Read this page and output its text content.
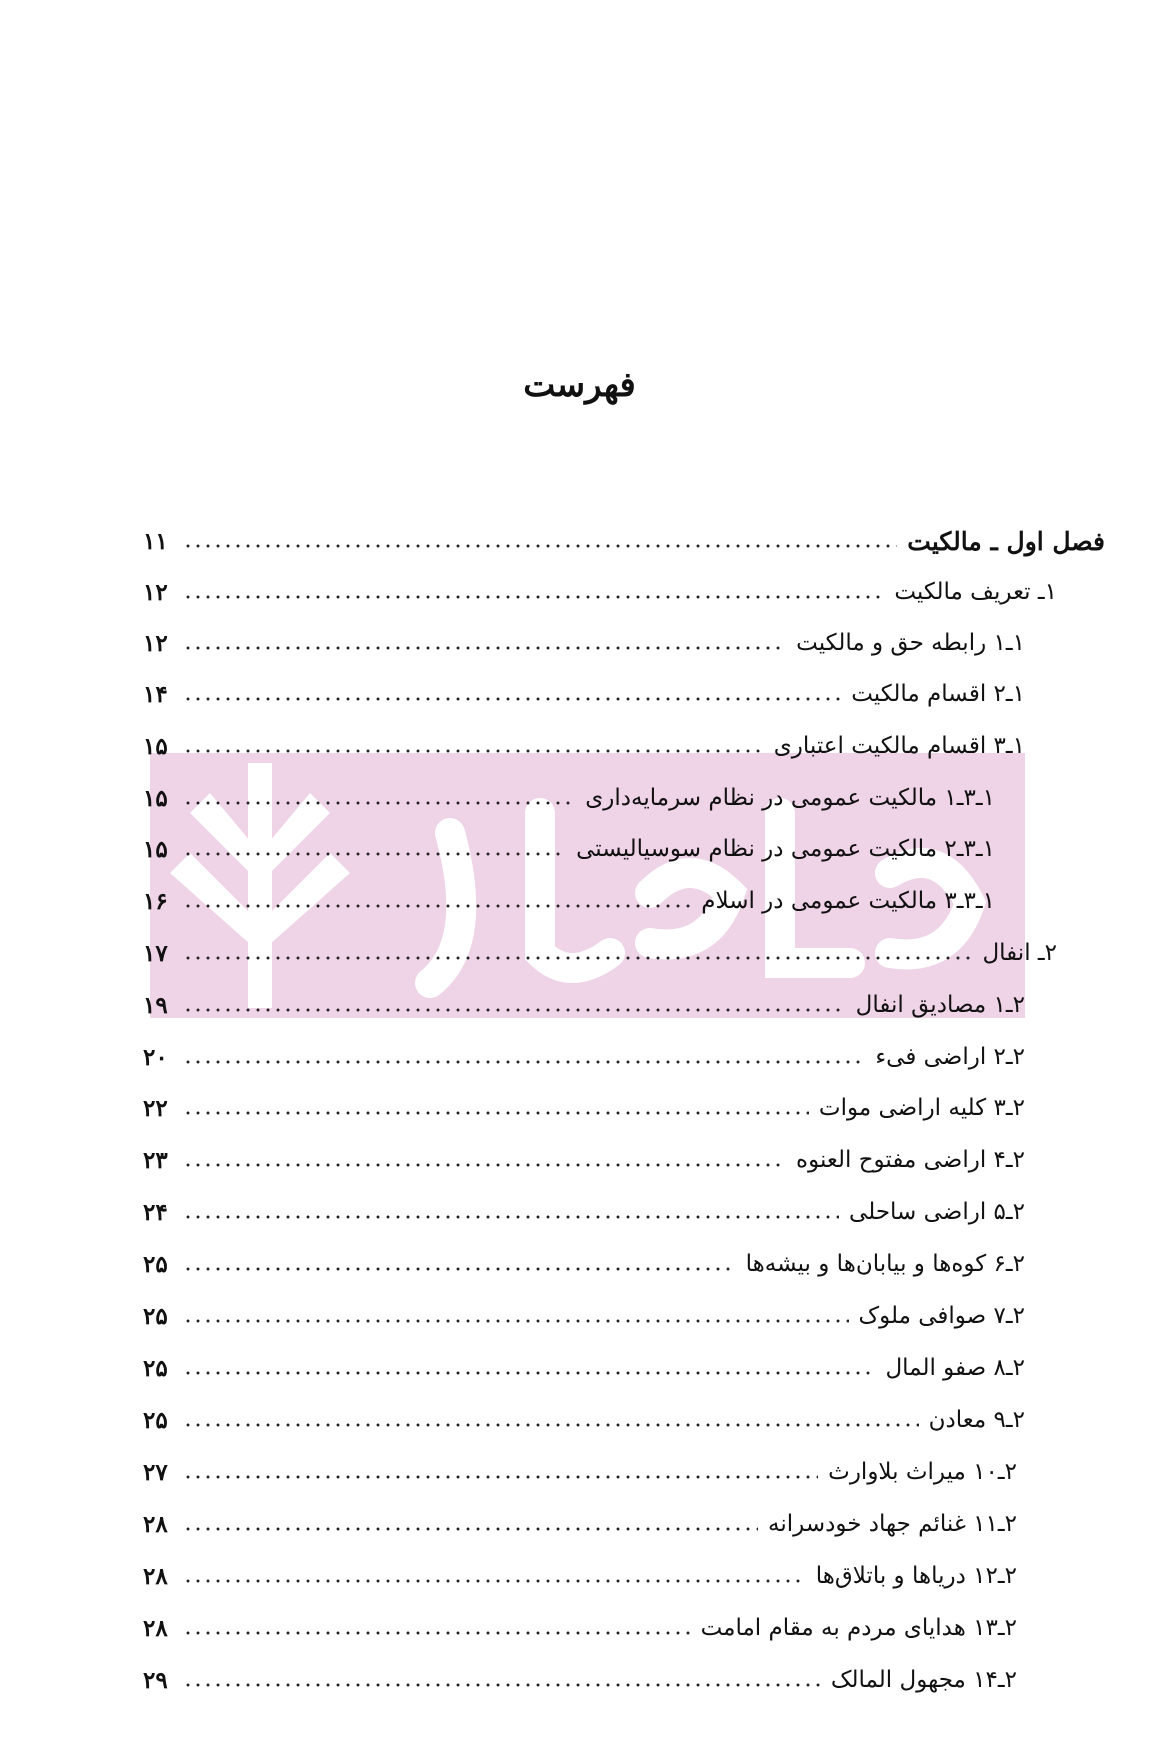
فهرست
فصل اول ـ مالکیت
۱۱
۱ـ تعریف مالکیت
۱۲
۱ـ۱ رابطه حق و مالکیت
۱۲
۱ـ۲ اقسام مالکیت
۱۴
۱ـ۳ اقسام مالکیت اعتباری
۱۵
۱ـ۳ـ۱ مالکیت عمومی در نظام سرمایه‌داری
۱۵
۱ـ۳ـ۲ مالکیت عمومی در نظام سوسیالیستی
۱۵
۱ـ۳ـ۳ مالکیت عمومی در اسلام
۱۶
۲ـ انفال
۱۷
۲ـ۱ مصادیق انفال
۱۹
۲ـ۲ اراضی فیء
۲۰
۲ـ۳ کلیه اراضی موات
۲۲
۲ـ۴ اراضی مفتوح العنوه
۲۳
۲ـ۵ اراضی ساحلی
۲۴
۲ـ۶ کوه‌ها و بیابان‌ها و بیشه‌ها
۲۵
۲ـ۷ صوافی ملوک
۲۵
۲ـ۸ صفو المال
۲۵
۲ـ۹ معادن
۲۵
۲ـ۱۰ میراث بلاوارث
۲۷
۲ـ۱۱ غنائم جهاد خودسرانه
۲۸
۲ـ۱۲ دریاها و باتلاق‌ها
۲۸
۲ـ۱۳ هدایای مردم به مقام امامت
۲۸
۲ـ۱۴ مجهول المالک
۲۹
